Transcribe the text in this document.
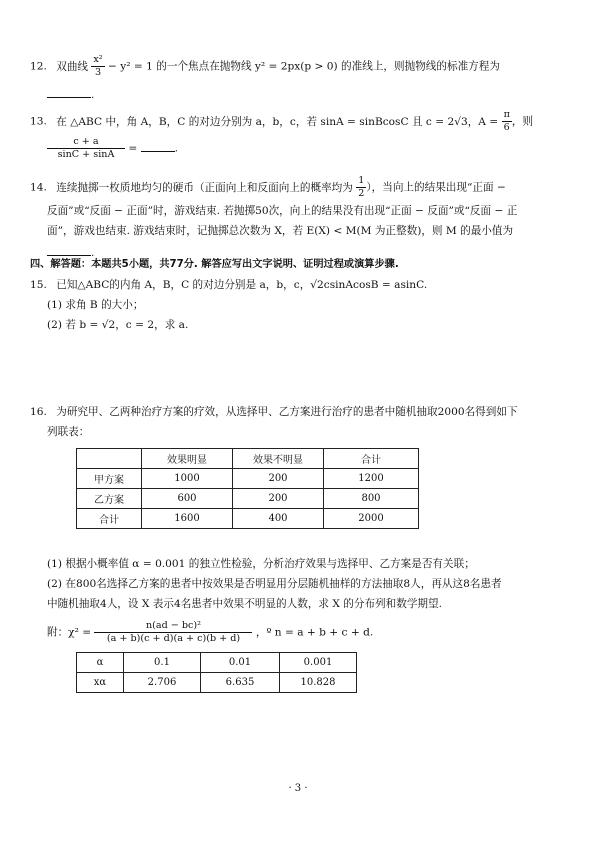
12. 双曲线 $\frac{\text{x²}}{3} - y^2 = 1$ 的一个焦点在抛物线 y² = 2px(p > 0) 的准线上，则抛物线的标准方程为
.
13. 在 △ABC 中，角 A，B，C 的对边分别为 a，b，c，若 sinA = sinBcosC 且 c = 2√3，$A = \frac{\pi}{6}$ ，则
$\frac{c + a}{\sin C + \sin A}$ =	.
14. 连续抛掷一枚质地均匀的硬币（正面向上和反面向上的概率均为 $\frac{1}{2}$ ），当向上的结果出现“正面 −
反面”或“反面 − 正面”时，游戏结束. 若抛掷50次，向上的结果没有出现“正面 − 反面”或“反面 − 正
面”，游戏也结束. 游戏结束时，记抛掷总次数为 X，若 E(X) < M(M 为正整数)，则 M 的最小值为
.
四、解答题：本题共5小题，共77分. 解答应写出文字说明、证明过程或演算步骤.
15. 已知△ABC的内角 A，B，C 的对边分别是 a，b，c，√2csinAcosB = asinC.
(1) 求角 B 的大小；
(2) 若 b = √2，c = 2，求 a.
16. 为研究甲、乙两种治疗方案的疗效，从选择甲、乙方案进行治疗的患者中随机抽取2000名得到如下
列联表：
	效果明显	效果不明显	合计
甲方案	1000	200	1200
乙方案	600	200	800
合计	1600	400	2000
(1) 根据小概率值 α = 0.001 的独立性检验，分析治疗效果与选择甲、乙方案是否有关联；
(2) 在800名选择乙方案的患者中按效果是否明显用分层随机抽样的方法抽取8人，再从这8名患者
中随机抽取4人，设 X 表示4名患者中效果不明显的人数，求 X 的分布列和数学期望.
附：$\chi^2 = \frac{\text{n(ad − bc)²}}{(a + b)(c + d)(a + c)(b + d)}$ ，º n = a + b + c + d.
α	0.1	0.01	0.001
xα	2.706	6.635	10.828
· 3 ·
